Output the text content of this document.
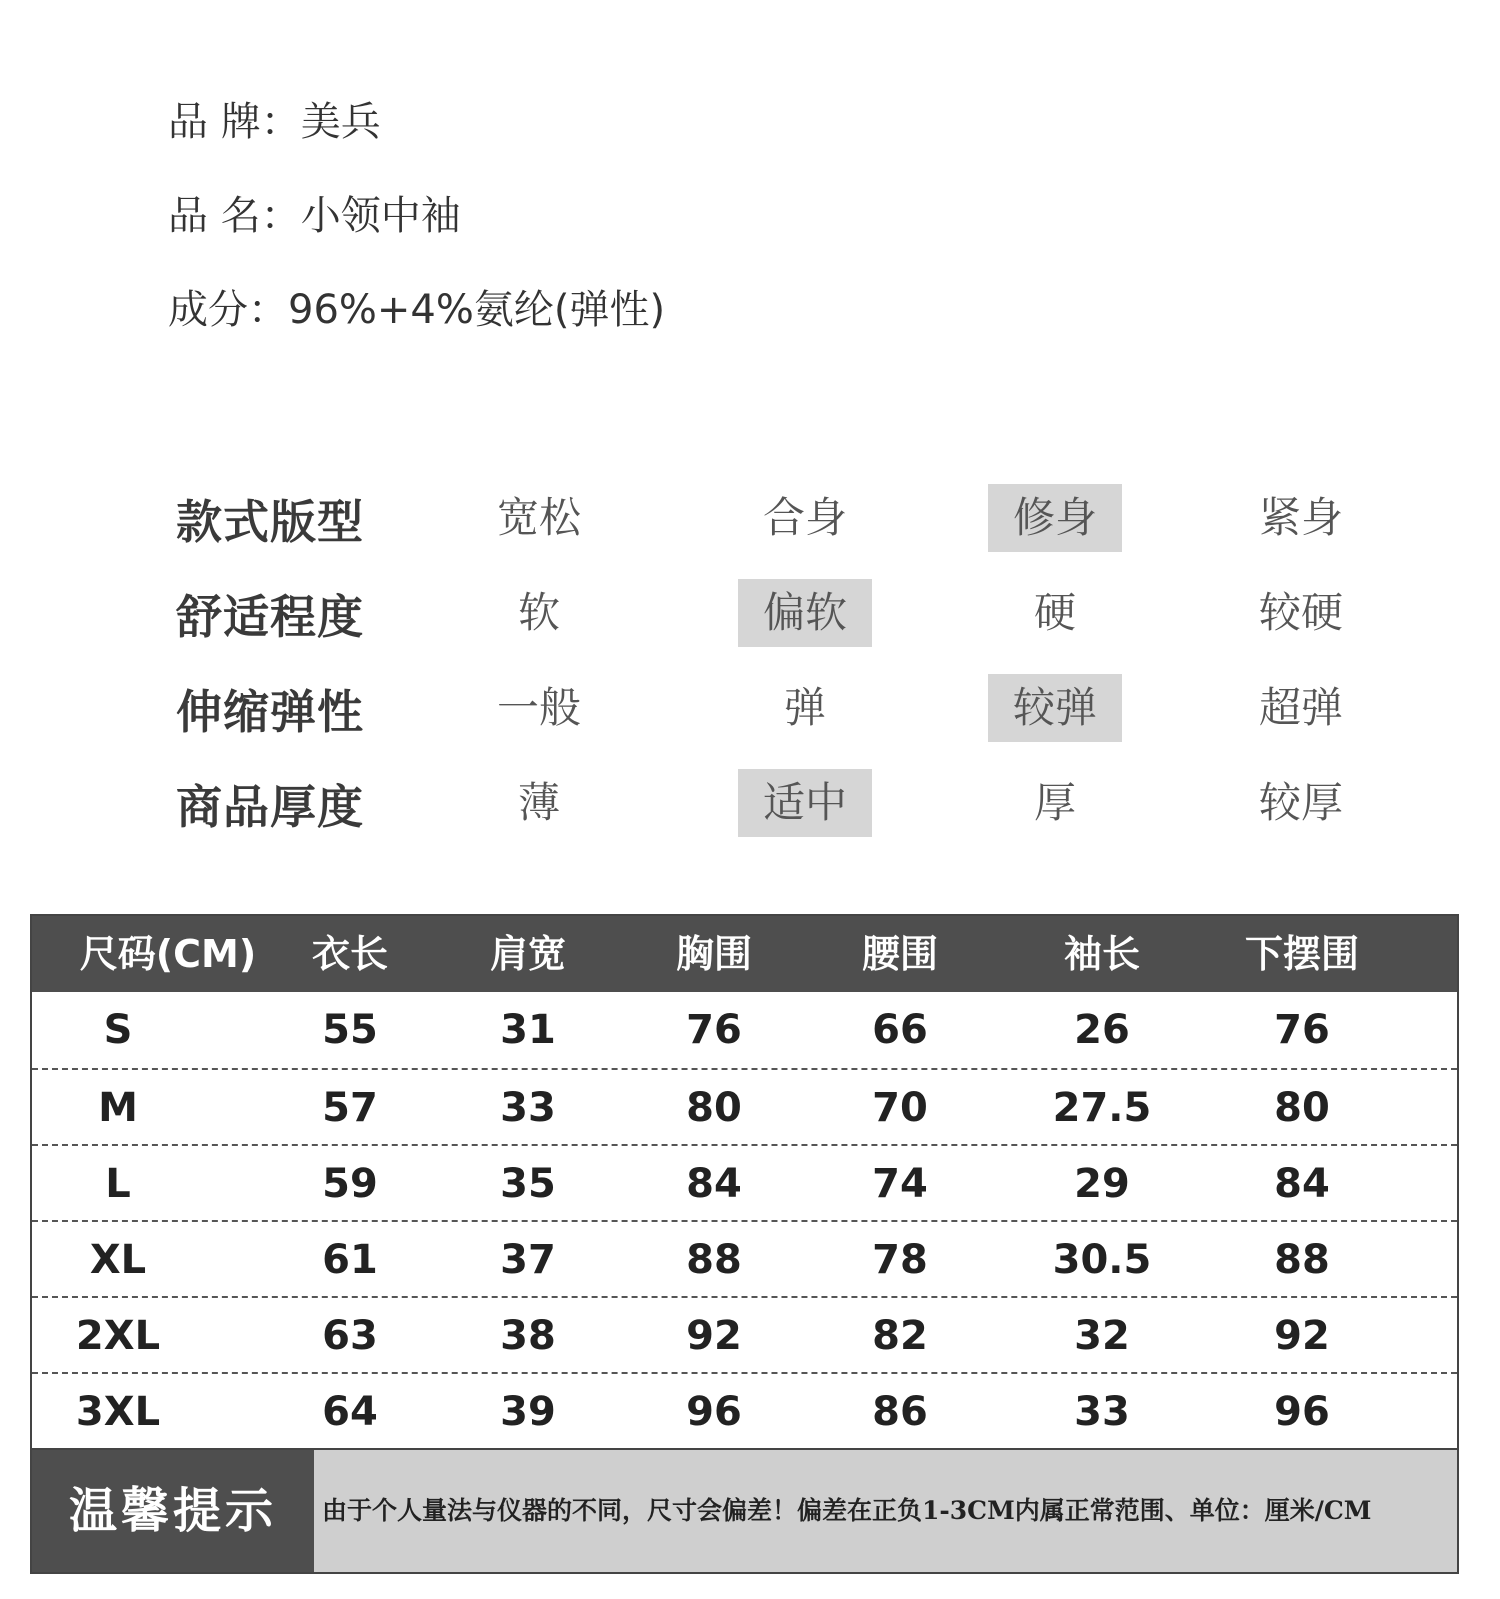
品 牌：美兵
品 名：小领中袖
成分：96%+4%氨纶(弹性)
款式版型	宽松	合身	修身	紧身
舒适程度	软	偏软	硬	较硬
伸缩弹性	一般	弹	较弹	超弹
商品厚度	薄	适中	厚	较厚
尺码(CM)	衣长	肩宽	胸围	腰围	袖长	下摆围
S	55	31	76	66	26	76
M	57	33	80	70	27.5	80
L	59	35	84	74	29	84
XL	61	37	88	78	30.5	88
2XL	63	38	92	82	32	92
3XL	64	39	96	86	33	96
温馨提示	由于个人量法与仪器的不同，尺寸会偏差！偏差在正负1-3CM内属正常范围、单位：厘米/CM
